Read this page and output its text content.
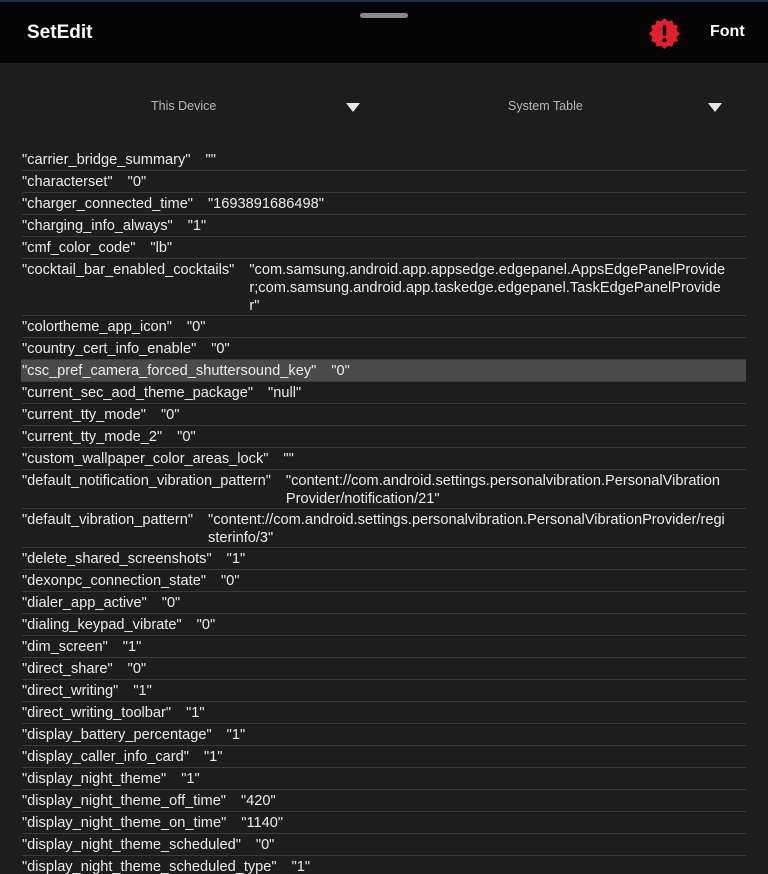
SetEdit	Font
This Device	System Table
"carrier_bridge_summary" ""
"characterset" "0"
"charger_connected_time" "1693891686498"
"charging_info_always" "1"
"cmf_color_code" "lb"
"cocktail_bar_enabled_cocktails" "com.samsung.android.app.appsedge.edgepanel.AppsEdgePanelProvider;com.samsung.android.app.taskedge.edgepanel.TaskEdgePanelProvider"
"colortheme_app_icon" "0"
"country_cert_info_enable" "0"
"csc_pref_camera_forced_shuttersound_key" "0"
"current_sec_aod_theme_package" "null"
"current_tty_mode" "0"
"current_tty_mode_2" "0"
"custom_wallpaper_color_areas_lock" ""
"default_notification_vibration_pattern" "content://com.android.settings.personalvibration.PersonalVibrationProvider/notification/21"
"default_vibration_pattern" "content://com.android.settings.personalvibration.PersonalVibrationProvider/registerinfo/3"
"delete_shared_screenshots" "1"
"dexonpc_connection_state" "0"
"dialer_app_active" "0"
"dialing_keypad_vibrate" "0"
"dim_screen" "1"
"direct_share" "0"
"direct_writing" "1"
"direct_writing_toolbar" "1"
"display_battery_percentage" "1"
"display_caller_info_card" "1"
"display_night_theme" "1"
"display_night_theme_off_time" "420"
"display_night_theme_on_time" "1140"
"display_night_theme_scheduled" "0"
"display_night_theme_scheduled_type" "1"
